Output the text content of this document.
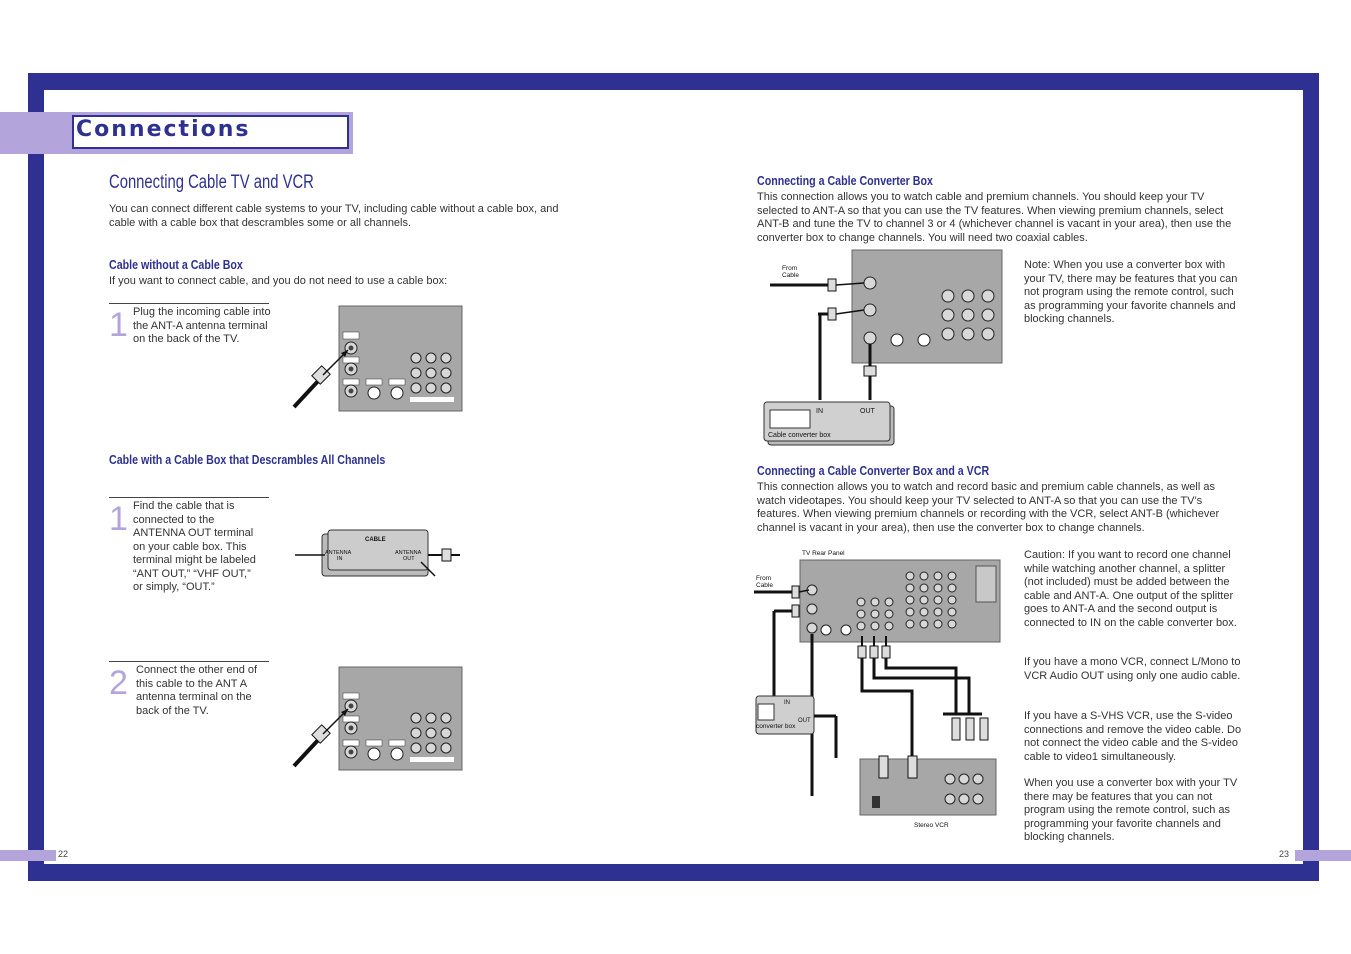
Connections
22	23
Connecting Cable TV and VCR
You can connect different cable systems to your TV, including cable without a cable box, and cable with a cable box that descrambles some or all channels.
Cable without a Cable Box
If you want to connect cable, and you do not need to use a cable box:
1 Plug the incoming cable into the ANT-A antenna terminal on the back of the TV.
Cable with a Cable Box that Descrambles All Channels
1 Find the cable that is connected to the ANTENNA OUT terminal on your cable box. This terminal might be labeled “ANT OUT,” “VHF OUT,” or simply, “OUT.”
CABLE
ANTENNA
IN
ANTENNA
OUT
2 Connect the other end of this cable to the ANT A antenna terminal on the back of the TV.
Connecting a Cable Converter Box
This connection allows you to watch cable and premium channels. You should keep your TV selected to ANT-A so that you can use the TV features. When viewing premium channels, select ANT-B and tune the TV to channel 3 or 4 (whichever channel is vacant in your area), then use the converter box to change channels. You will need two coaxial cables.
From
Cable
IN	OUT
Cable converter box
Note: When you use a converter box with your TV, there may be features that you can not program using the remote control, such as programming your favorite channels and blocking channels.
Connecting a Cable Converter Box and a VCR
This connection allows you to watch and record basic and premium cable channels, as well as watch videotapes. You should keep your TV selected to ANT-A so that you can use the TV’s features. When viewing premium channels or recording with the VCR, select ANT-B (whichever channel is vacant in your area), then use the converter box to change channels.
TV Rear Panel
From
Cable
IN
OUT
converter box
Stereo VCR
Caution: If you want to record one channel while watching another channel, a splitter (not included) must be added between the cable and ANT-A. One output of the splitter goes to ANT-A and the second output is connected to IN on the cable converter box.
If you have a mono VCR, connect L/Mono to VCR Audio OUT using only one audio cable.
If you have a S-VHS VCR, use the S-video connections and remove the video cable. Do not connect the video cable and the S-video cable to video1 simultaneously.
When you use a converter box with your TV there may be features that you can not program using the remote control, such as programming your favorite channels and blocking channels.
